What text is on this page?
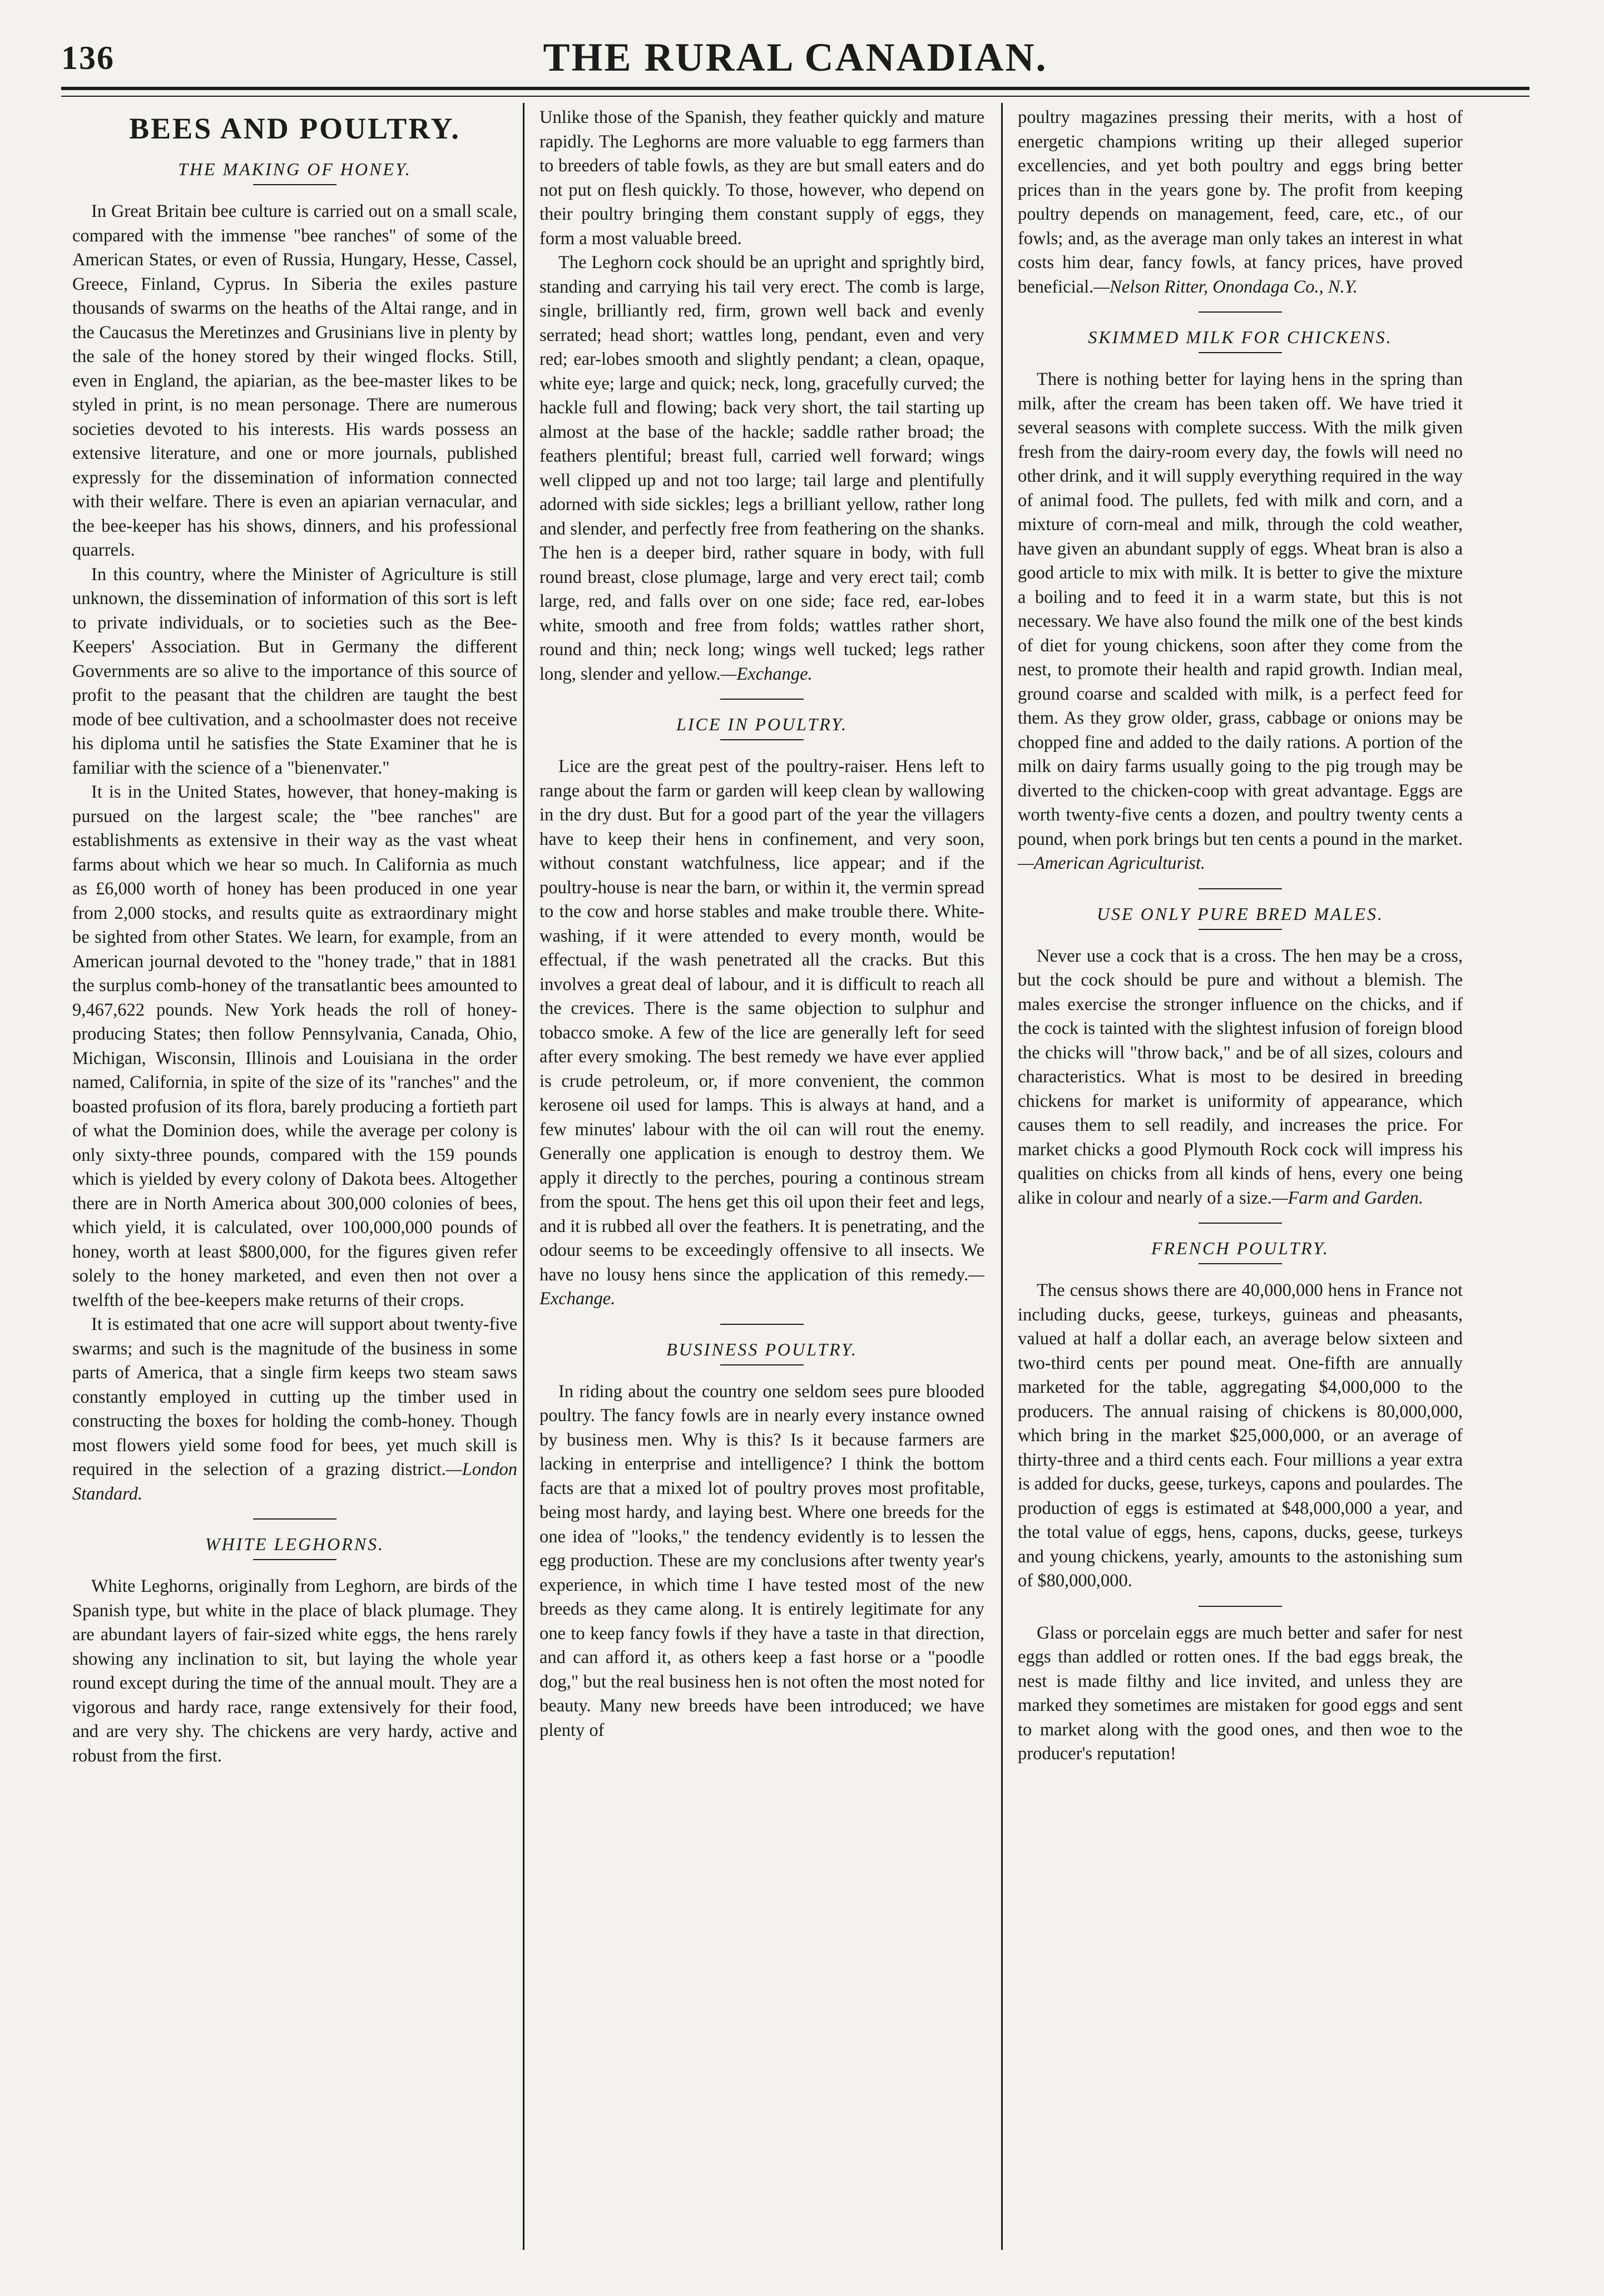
136	THE RURAL CANADIAN.
BEES AND POULTRY.
THE MAKING OF HONEY.

In Great Britain bee culture is carried out on a small scale, compared with the immense "bee ranches" of some of the American States, or even of Russia, Hungary, Hesse, Cassel, Greece, Finland, Cyprus. In Siberia the exiles pasture thousands of swarms on the heaths of the Altai range, and in the Caucasus the Meretinzes and Grusinians live in plenty by the sale of the honey stored by their winged flocks. Still, even in England, the apiarian, as the bee-master likes to be styled in print, is no mean personage. There are numerous societies devoted to his interests. His wards possess an extensive literature, and one or more journals, published expressly for the dissemination of information connected with their welfare. There is even an apiarian vernacular, and the bee-keeper has his shows, dinners, and his professional quarrels.

In this country, where the Minister of Agriculture is still unknown, the dissemination of information of this sort is left to private individuals, or to societies such as the Bee-Keepers' Association. But in Germany the different Governments are so alive to the importance of this source of profit to the peasant that the children are taught the best mode of bee cultivation, and a schoolmaster does not receive his diploma until he satisfies the State Examiner that he is familiar with the science of a "bienenvater."

It is in the United States, however, that honey-making is pursued on the largest scale; the "bee ranches" are establishments as extensive in their way as the vast wheat farms about which we hear so much. In California as much as £6,000 worth of honey has been produced in one year from 2,000 stocks, and results quite as extraordinary might be sighted from other States. We learn, for example, from an American journal devoted to the "honey trade," that in 1881 the surplus comb-honey of the transatlantic bees amounted to 9,467,622 pounds. New York heads the roll of honey-producing States; then follow Pennsylvania, Canada, Ohio, Michigan, Wisconsin, Illinois and Louisiana in the order named, California, in spite of the size of its "ranches" and the boasted profusion of its flora, barely producing a fortieth part of what the Dominion does, while the average per colony is only sixty-three pounds, compared with the 159 pounds which is yielded by every colony of Dakota bees. Altogether there are in North America about 300,000 colonies of bees, which yield, it is calculated, over 100,000,000 pounds of honey, worth at least $800,000, for the figures given refer solely to the honey marketed, and even then not over a twelfth of the bee-keepers make returns of their crops.

It is estimated that one acre will support about twenty-five swarms; and such is the magnitude of the business in some parts of America, that a single firm keeps two steam saws constantly employed in cutting up the timber used in constructing the boxes for holding the comb-honey. Though most flowers yield some food for bees, yet much skill is required in the selection of a grazing district.—London Standard.

WHITE LEGHORNS.

White Leghorns, originally from Leghorn, are birds of the Spanish type, but white in the place of black plumage. They are abundant layers of fair-sized white eggs, the hens rarely showing any inclination to sit, but laying the whole year round except during the time of the annual moult. They are a vigorous and hardy race, range extensively for their food, and are very shy. The chickens are very hardy, active and robust from the first.

Unlike those of the Spanish, they feather quickly and mature rapidly. The Leghorns are more valuable to egg farmers than to breeders of table fowls, as they are but small eaters and do not put on flesh quickly. To those, however, who depend on their poultry bringing them constant supply of eggs, they form a most valuable breed.

The Leghorn cock should be an upright and sprightly bird, standing and carrying his tail very erect. The comb is large, single, brilliantly red, firm, grown well back and evenly serrated; head short; wattles long, pendant, even and very red; ear-lobes smooth and slightly pendant; a clean, opaque, white eye; large and quick; neck, long, gracefully curved; the hackle full and flowing; back very short, the tail starting up almost at the base of the hackle; saddle rather broad; the feathers plentiful; breast full, carried well forward; wings well clipped up and not too large; tail large and plentifully adorned with side sickles; legs a brilliant yellow, rather long and slender, and perfectly free from feathering on the shanks. The hen is a deeper bird, rather square in body, with full round breast, close plumage, large and very erect tail; comb large, red, and falls over on one side; face red, ear-lobes white, smooth and free from folds; wattles rather short, round and thin; neck long; wings well tucked; legs rather long, slender and yellow.—Exchange.

LICE IN POULTRY.

Lice are the great pest of the poultry-raiser. Hens left to range about the farm or garden will keep clean by wallowing in the dry dust. But for a good part of the year the villagers have to keep their hens in confinement, and very soon, without constant watchfulness, lice appear; and if the poultry-house is near the barn, or within it, the vermin spread to the cow and horse stables and make trouble there. White-washing, if it were attended to every month, would be effectual, if the wash penetrated all the cracks. But this involves a great deal of labour, and it is difficult to reach all the crevices. There is the same objection to sulphur and tobacco smoke. A few of the lice are generally left for seed after every smoking. The best remedy we have ever applied is crude petroleum, or, if more convenient, the common kerosene oil used for lamps. This is always at hand, and a few minutes' labour with the oil can will rout the enemy. Generally one application is enough to destroy them. We apply it directly to the perches, pouring a continous stream from the spout. The hens get this oil upon their feet and legs, and it is rubbed all over the feathers. It is penetrating, and the odour seems to be exceedingly offensive to all insects. We have no lousy hens since the application of this remedy.—Exchange.

BUSINESS POULTRY.

In riding about the country one seldom sees pure blooded poultry. The fancy fowls are in nearly every instance owned by business men. Why is this? Is it because farmers are lacking in enterprise and intelligence? I think the bottom facts are that a mixed lot of poultry proves most profitable, being most hardy, and laying best. Where one breeds for the one idea of "looks," the tendency evidently is to lessen the egg production. These are my conclusions after twenty year's experience, in which time I have tested most of the new breeds as they came along. It is entirely legitimate for any one to keep fancy fowls if they have a taste in that direction, and can afford it, as others keep a fast horse or a "poodle dog," but the real business hen is not often the most noted for beauty. Many new breeds have been introduced; we have plenty of

poultry magazines pressing their merits, with a host of energetic champions writing up their alleged superior excellencies, and yet both poultry and eggs bring better prices than in the years gone by. The profit from keeping poultry depends on management, feed, care, etc., of our fowls; and, as the average man only takes an interest in what costs him dear, fancy fowls, at fancy prices, have proved beneficial.—Nelson Ritter, Onondaga Co., N.Y.

SKIMMED MILK FOR CHICKENS.

There is nothing better for laying hens in the spring than milk, after the cream has been taken off. We have tried it several seasons with complete success. With the milk given fresh from the dairy-room every day, the fowls will need no other drink, and it will supply everything required in the way of animal food. The pullets, fed with milk and corn, and a mixture of corn-meal and milk, through the cold weather, have given an abundant supply of eggs. Wheat bran is also a good article to mix with milk. It is better to give the mixture a boiling and to feed it in a warm state, but this is not necessary. We have also found the milk one of the best kinds of diet for young chickens, soon after they come from the nest, to promote their health and rapid growth. Indian meal, ground coarse and scalded with milk, is a perfect feed for them. As they grow older, grass, cabbage or onions may be chopped fine and added to the daily rations. A portion of the milk on dairy farms usually going to the pig trough may be diverted to the chicken-coop with great advantage. Eggs are worth twenty-five cents a dozen, and poultry twenty cents a pound, when pork brings but ten cents a pound in the market.—American Agriculturist.

USE ONLY PURE BRED MALES.

Never use a cock that is a cross. The hen may be a cross, but the cock should be pure and without a blemish. The males exercise the stronger influence on the chicks, and if the cock is tainted with the slightest infusion of foreign blood the chicks will "throw back," and be of all sizes, colours and characteristics. What is most to be desired in breeding chickens for market is uniformity of appearance, which causes them to sell readily, and increases the price. For market chicks a good Plymouth Rock cock will impress his qualities on chicks from all kinds of hens, every one being alike in colour and nearly of a size.—Farm and Garden.

FRENCH POULTRY.

The census shows there are 40,000,000 hens in France not including ducks, geese, turkeys, guineas and pheasants, valued at half a dollar each, an average below sixteen and two-third cents per pound meat. One-fifth are annually marketed for the table, aggregating $4,000,000 to the producers. The annual raising of chickens is 80,000,000, which bring in the market $25,000,000, or an average of thirty-three and a third cents each. Four millions a year extra is added for ducks, geese, turkeys, capons and poulardes. The production of eggs is estimated at $48,000,000 a year, and the total value of eggs, hens, capons, ducks, geese, turkeys and young chickens, yearly, amounts to the astonishing sum of $80,000,000.

Glass or porcelain eggs are much better and safer for nest eggs than addled or rotten ones. If the bad eggs break, the nest is made filthy and lice invited, and unless they are marked they sometimes are mistaken for good eggs and sent to market along with the good ones, and then woe to the producer's reputation!
